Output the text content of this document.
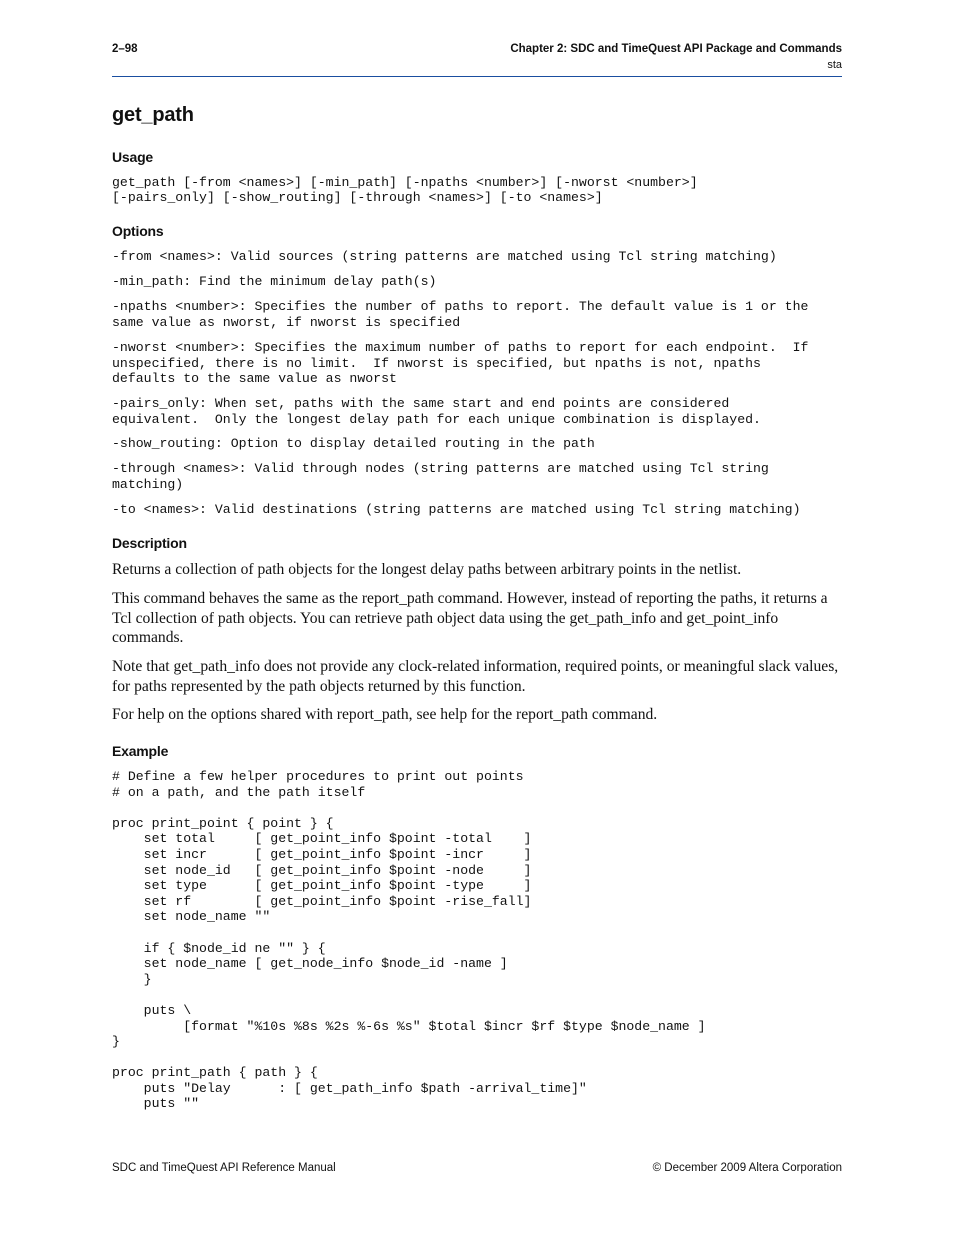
2–98	Chapter 2: SDC and TimeQuest API Package and Commands
sta
get_path
Usage
get_path [-from <names>] [-min_path] [-npaths <number>] [-nworst <number>]
[-pairs_only] [-show_routing] [-through <names>] [-to <names>]
Options
-from <names>: Valid sources (string patterns are matched using Tcl string matching)
-min_path: Find the minimum delay path(s)
-npaths <number>: Specifies the number of paths to report. The default value is 1 or the
same value as nworst, if nworst is specified
-nworst <number>: Specifies the maximum number of paths to report for each endpoint.  If
unspecified, there is no limit.  If nworst is specified, but npaths is not, npaths
defaults to the same value as nworst
-pairs_only: When set, paths with the same start and end points are considered
equivalent.  Only the longest delay path for each unique combination is displayed.
-show_routing: Option to display detailed routing in the path
-through <names>: Valid through nodes (string patterns are matched using Tcl string
matching)
-to <names>: Valid destinations (string patterns are matched using Tcl string matching)
Description

Returns a collection of path objects for the longest delay paths between arbitrary points in the netlist.

This command behaves the same as the report_path command. However, instead of reporting the paths, it returns a Tcl collection of path objects. You can retrieve path object data using the get_path_info and get_point_info commands.

Note that get_path_info does not provide any clock-related information, required points, or meaningful slack values, for paths represented by the path objects returned by this function.

For help on the options shared with report_path, see help for the report_path command.

Example
# Define a few helper procedures to print out points
# on a path, and the path itself

proc print_point { point } {
set total     [ get_point_info $point -total    ]
set incr      [ get_point_info $point -incr     ]
set node_id   [ get_point_info $point -node     ]
set type      [ get_point_info $point -type     ]
set rf        [ get_point_info $point -rise_fall]
set node_name ""

if { $node_id ne "" } {
set node_name [ get_node_info $node_id -name ]
}

puts \
[format "%10s %8s %2s %-6s %s" $total $incr $rf $type $node_name ]
}

proc print_path { path } {
puts "Delay      : [ get_path_info $path -arrival_time]"
puts ""
SDC and TimeQuest API Reference Manual	© December 2009 Altera Corporation
